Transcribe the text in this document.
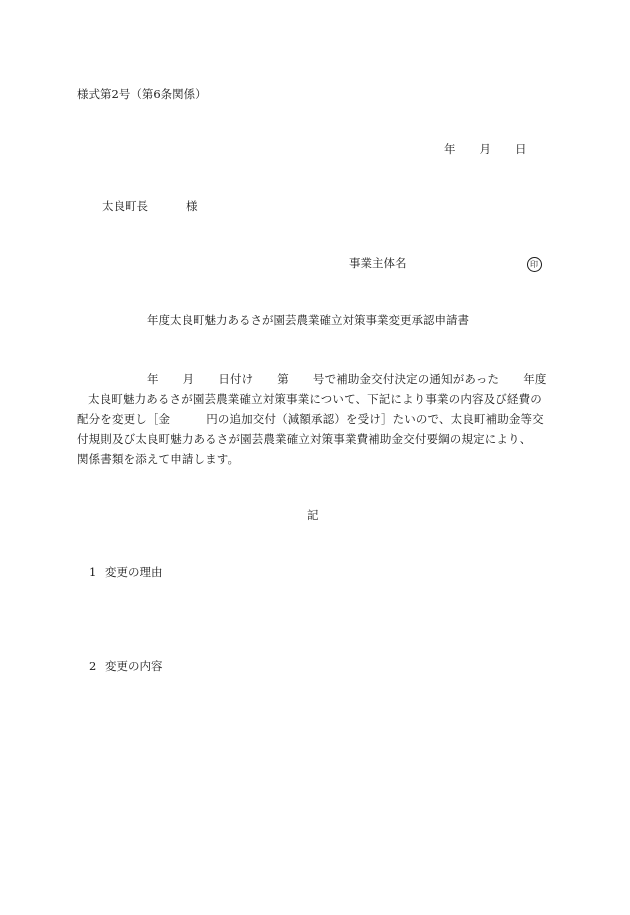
様式第2号（第6条関係）
年 月 日
太良町長	様
事業主体名	印
年度太良町魅力あるさが園芸農業確立対策事業変更承認申請書
年 月 日付け 第 号で補助金交付決定の通知があった 年度
太良町魅力あるさが園芸農業確立対策事業について、下記により事業の内容及び経費の
配分を変更し［金	円の追加交付（減額承認）を受け］たいので、太良町補助金等交
付規則及び太良町魅力あるさが園芸農業確立対策事業費補助金交付要綱の規定により、
関係書類を添えて申請します。
記
1 変更の理由
2 変更の内容
